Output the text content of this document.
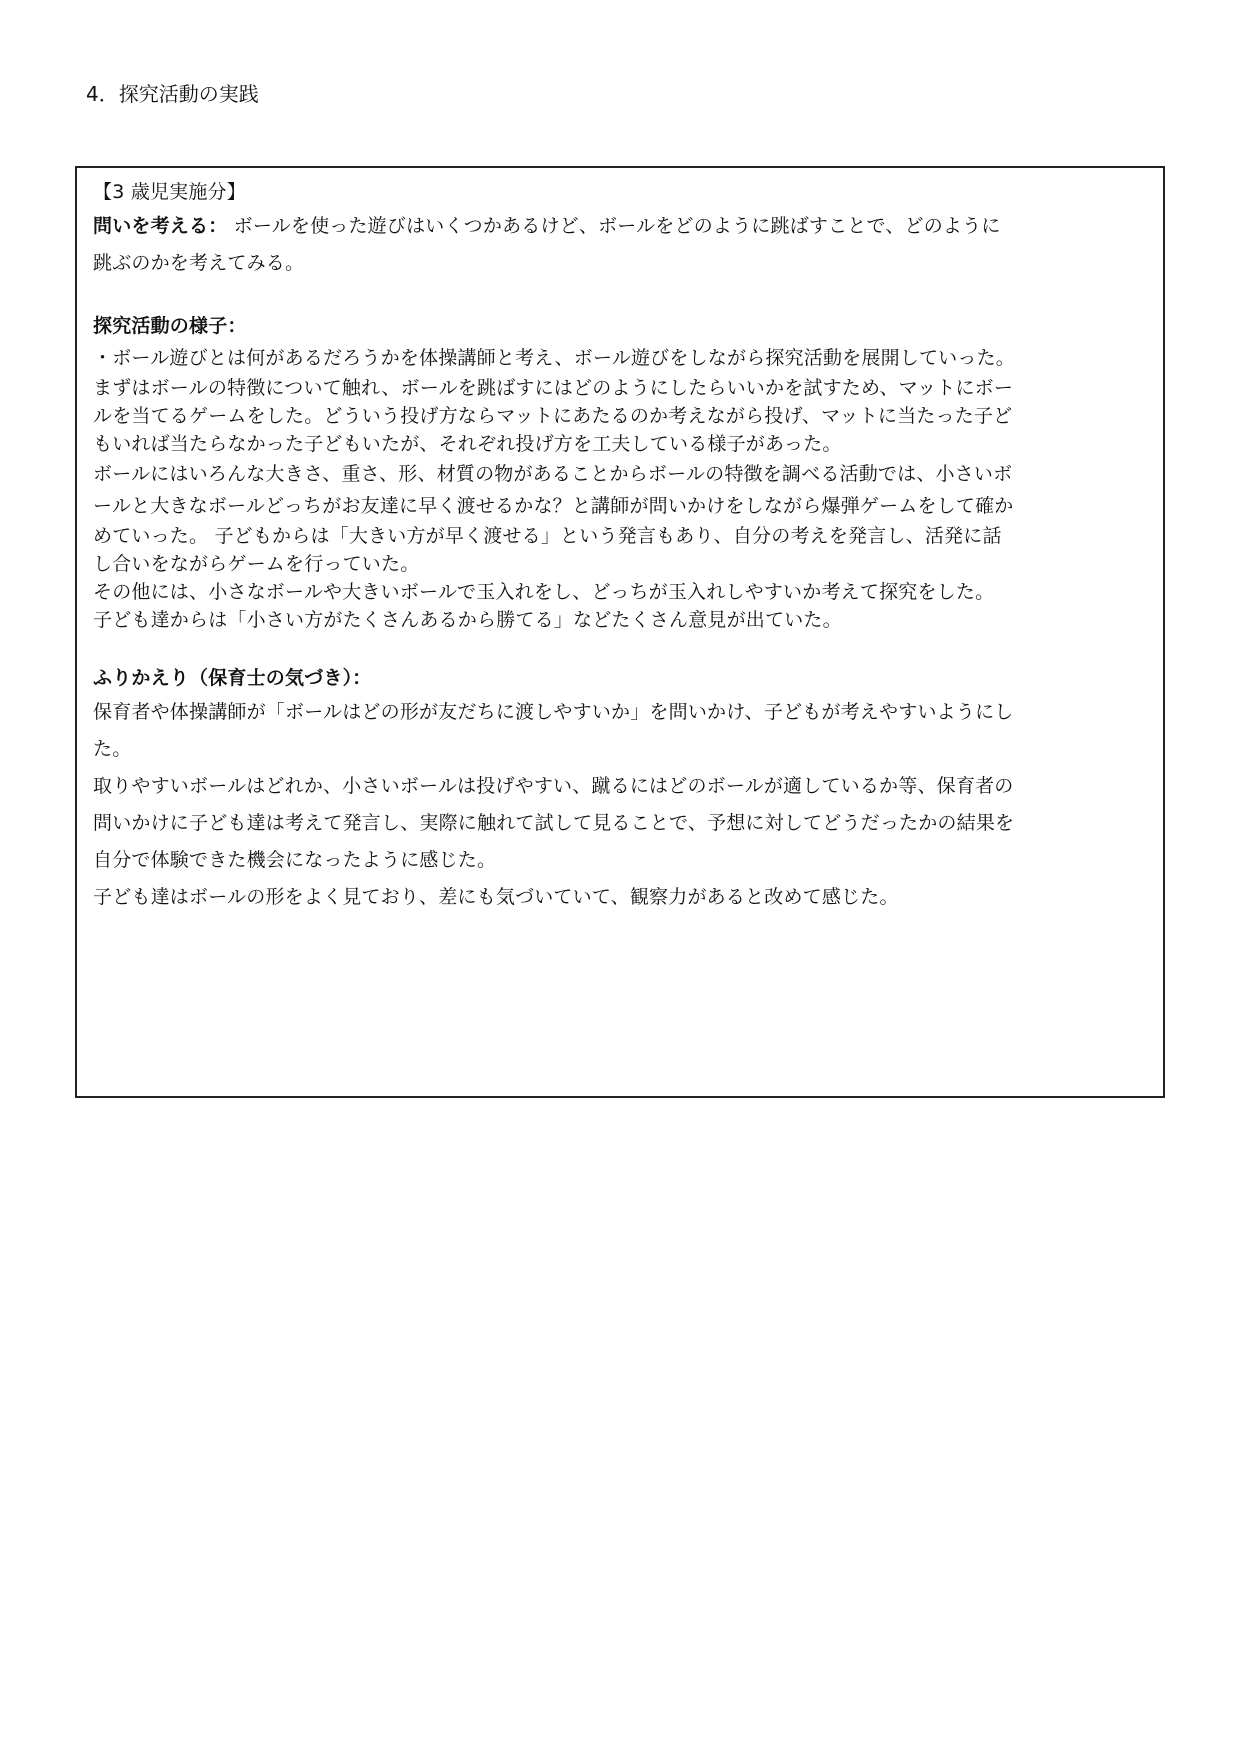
4．探究活動の実践
【3 歳児実施分】
問いを考える： ボールを使った遊びはいくつかあるけど、ボールをどのように跳ばすことで、どのように
跳ぶのかを考えてみる。
探究活動の様子：
・ボール遊びとは何があるだろうかを体操講師と考え、ボール遊びをしながら探究活動を展開していった。
まずはボールの特徴について触れ、ボールを跳ばすにはどのようにしたらいいかを試すため、マットにボー
ルを当てるゲームをした。どういう投げ方ならマットにあたるのか考えながら投げ、マットに当たった子ど
もいれば当たらなかった子どもいたが、それぞれ投げ方を工夫している様子があった。
ボールにはいろんな大きさ、重さ、形、材質の物があることからボールの特徴を調べる活動では、小さいボ
ールと大きなボールどっちがお友達に早く渡せるかな？と講師が問いかけをしながら爆弾ゲームをして確か
めていった。 子どもからは「大きい方が早く渡せる」という発言もあり、自分の考えを発言し、活発に話
し合いをながらゲームを行っていた。
その他には、小さなボールや大きいボールで玉入れをし、どっちが玉入れしやすいか考えて探究をした。
子ども達からは「小さい方がたくさんあるから勝てる」などたくさん意見が出ていた。
ふりかえり（保育士の気づき）：
保育者や体操講師が「ボールはどの形が友だちに渡しやすいか」を問いかけ、子どもが考えやすいようにし
た。
取りやすいボールはどれか、小さいボールは投げやすい、蹴るにはどのボールが適しているか等、保育者の
問いかけに子ども達は考えて発言し、実際に触れて試して見ることで、予想に対してどうだったかの結果を
自分で体験できた機会になったように感じた。
子ども達はボールの形をよく見ており、差にも気づいていて、観察力があると改めて感じた。
